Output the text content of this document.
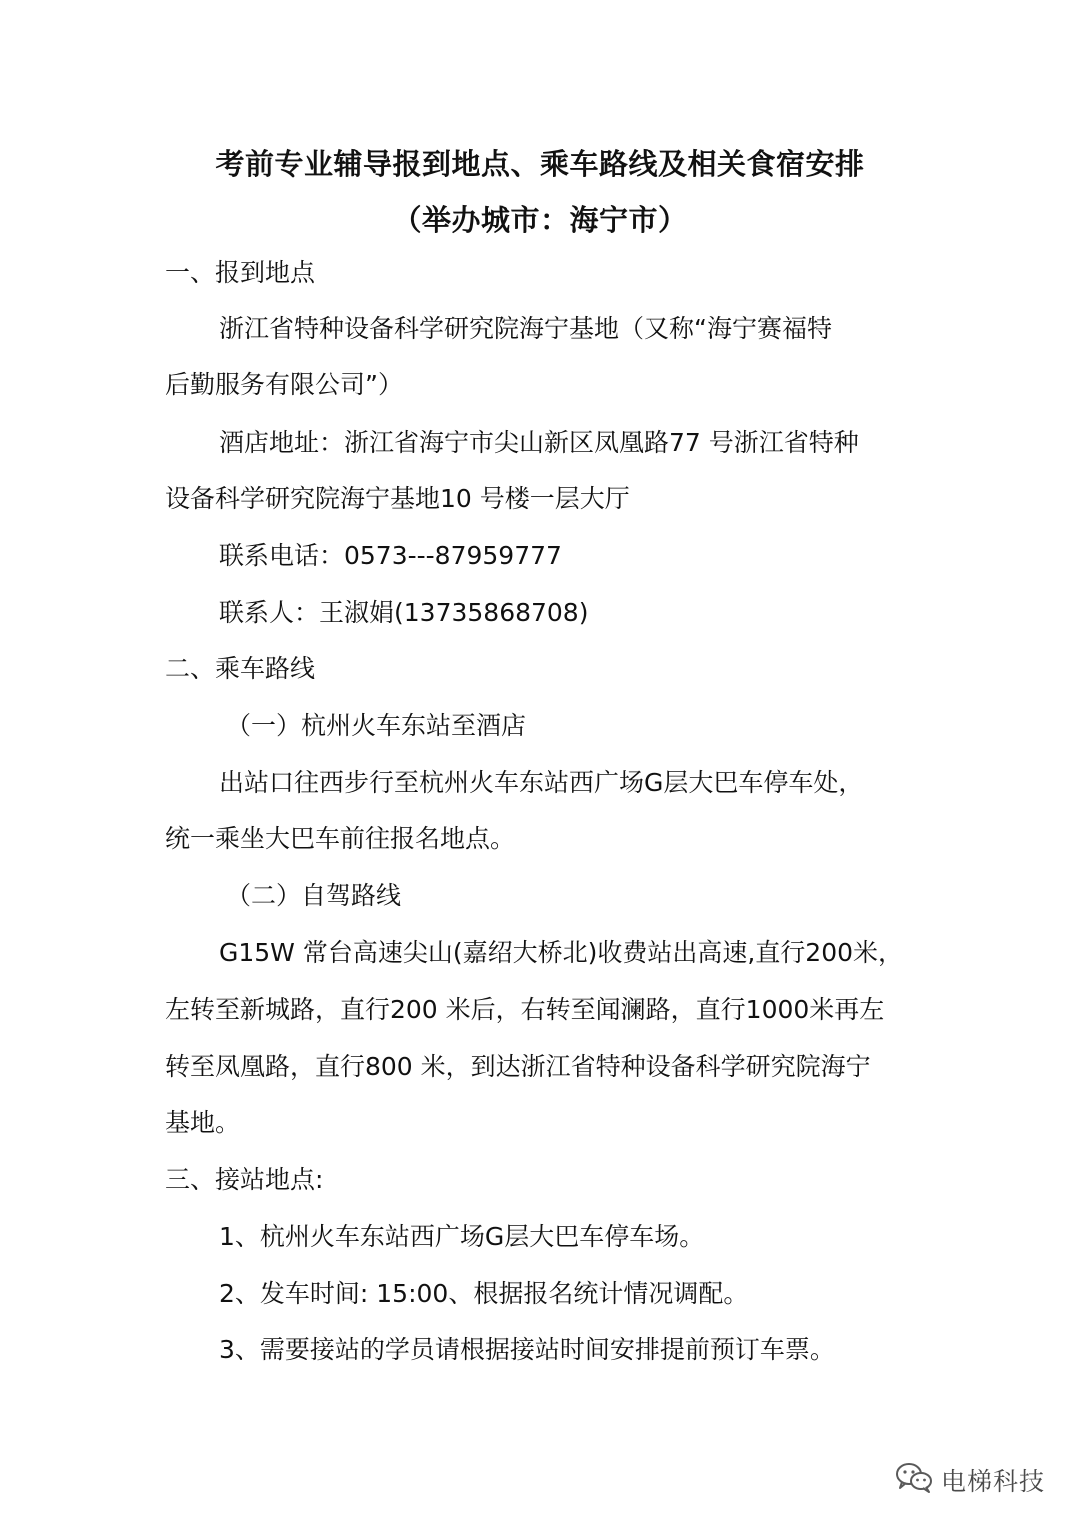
考前专业辅导报到地点、乘车路线及相关食宿安排
（举办城市：海宁市）
一、报到地点
浙江省特种设备科学研究院海宁基地（又称“海宁赛福特
后勤服务有限公司”）
酒店地址：浙江省海宁市尖山新区凤凰路77 号浙江省特种
设备科学研究院海宁基地10 号楼一层大厅
联系电话：0573---87959777
联系人：王淑娟(13735868708)
二、乘车路线
（一）杭州火车东站至酒店
出站口往西步行至杭州火车东站西广场G层大巴车停车处，
统一乘坐大巴车前往报名地点。
（二）自驾路线
G15W 常台高速尖山(嘉绍大桥北)收费站出高速,直行200米，
左转至新城路，直行200 米后，右转至闻澜路，直行1000米再左
转至凤凰路，直行800 米，到达浙江省特种设备科学研究院海宁
基地。
三、接站地点:
1、杭州火车东站西广场G层大巴车停车场。
2、发车时间: 15:00、根据报名统计情况调配。
3、需要接站的学员请根据接站时间安排提前预订车票。
电梯科技
